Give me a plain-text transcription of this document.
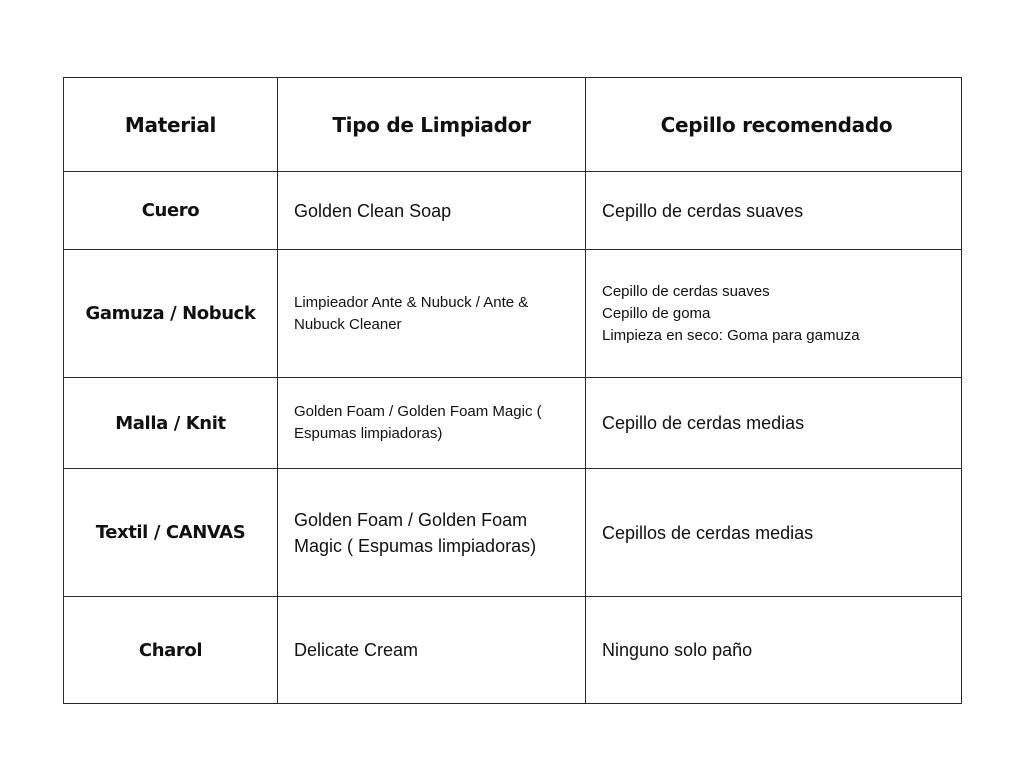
Material	Tipo de Limpiador	Cepillo recomendado
Cuero	Golden Clean Soap	Cepillo de cerdas suaves

Gamuza / Nobuck	Limpieador Ante & Nubuck / Ante & Nubuck Cleaner	Cepillo de cerdas suaves
Cepillo de goma
Limpieza en seco: Goma para gamuza

Malla / Knit	Golden Foam / Golden Foam Magic ( Espumas limpiadoras)	Cepillo de cerdas medias

Textil / CANVAS	Golden Foam / Golden Foam Magic ( Espumas limpiadoras)	Cepillos de cerdas medias

Charol	Delicate Cream	Ninguno solo paño
